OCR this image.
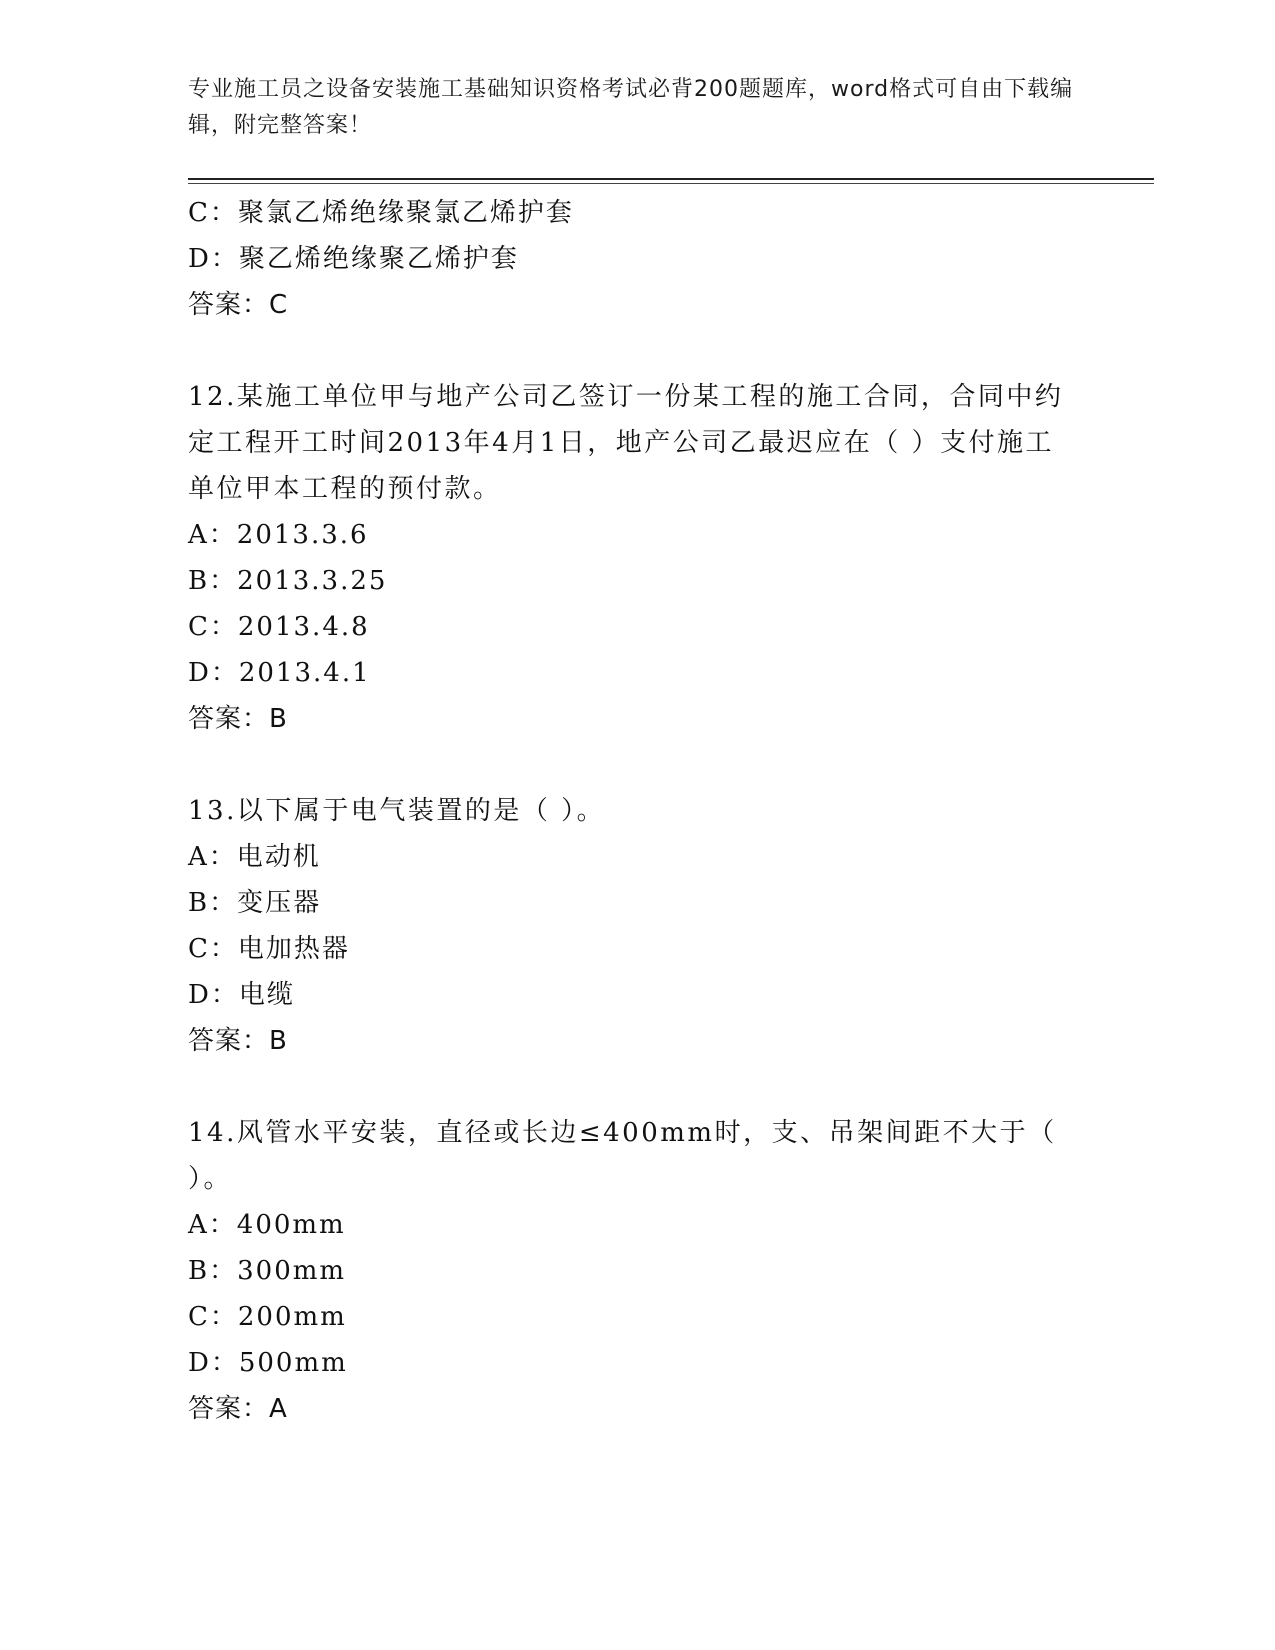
专业施工员之设备安装施工基础知识资格考试必背200题题库，word格式可自由下载编辑，附完整答案！
C：聚氯乙烯绝缘聚氯乙烯护套
D：聚乙烯绝缘聚乙烯护套
答案：C
12.某施工单位甲与地产公司乙签订一份某工程的施工合同，合同中约定工程开工时间2013年4月1日，地产公司乙最迟应在（ ）支付施工单位甲本工程的预付款。
A：2013.3.6
B：2013.3.25
C：2013.4.8
D：2013.4.1
答案：B
13.以下属于电气装置的是（ ）。
A：电动机
B：变压器
C：电加热器
D：电缆
答案：B
14.风管水平安装，直径或长边≤400mm时，支、吊架间距不大于（ ）。
A：400mm
B：300mm
C：200mm
D：500mm
答案：A
